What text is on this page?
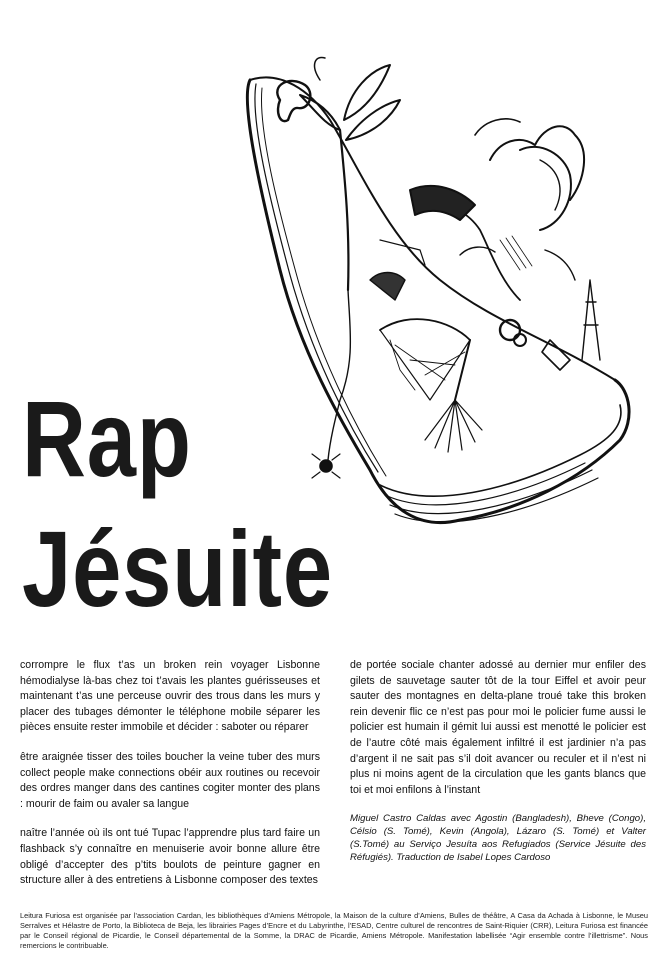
Rap
Jésuite

corrompre le flux t’as un broken rein voyager Lisbonne hémodialyse là-bas chez toi t’avais les plantes guérisseuses et maintenant t’as une perceuse ouvrir des trous dans les murs y placer des tubages démonter le téléphone mobile séparer les pièces ensuite rester immobile et décider : saboter ou réparer

être araignée tisser des toiles boucher la veine tuber des murs collect people make connections obéir aux routines ou recevoir des ordres manger dans des cantines cogiter monter des plans : mourir de faim ou avaler sa langue

naître l’année où ils ont tué Tupac l’apprendre plus tard faire un flashback s’y connaître en menuiserie avoir bonne allure être obligé d’accepter des p’tits boulots de peinture gagner en structure aller à des entretiens à Lisbonne composer des textes

de portée sociale chanter adossé au dernier mur enfiler des gilets de sauvetage sauter tôt de la tour Eiffel et avoir peur sauter des montagnes en delta-plane troué take this broken rein devenir flic ce n’est pas pour moi le policier fume aussi le policier est humain il gémit lui aussi est menotté le policier est de l’autre côté mais également infiltré il est jardinier n’a pas d’argent il ne sait pas s’il doit avancer ou reculer et il n’est ni plus ni moins agent de la circulation que les gants blancs que toi et moi enfilons à l’instant

Miguel Castro Caldas avec Agostin (Bangladesh), Bheve (Congo), Célsio (S. Tomé), Kevin (Angola), Lázaro (S. Tomé) et Valter (S.Tomé) au Serviço Jesuíta aos Refugiados (Service Jésuite des Réfugiés). Traduction de Isabel Lopes Cardoso

Leitura Furiosa est organisée par l’association Cardan, les bibliothèques d’Amiens Métropole, la Maison de la culture d’Amiens, Bulles de théâtre, A Casa da Achada à Lisbonne, le Museu Serralves et Hélastre de Porto, la Biblioteca de Beja, les librairies Pages d’Encre et du Labyrinthe, l’ESAD, Centre culturel de rencontres de Saint-Riquier (CRR), Leitura Furiosa est financée par le Conseil régional de Picardie, le Conseil départemental de la Somme, la DRAC de Picardie, Amiens Métropole. Manifestation labellisée “Agir ensemble contre l’illettrisme”. Nous remercions le contribuable.
